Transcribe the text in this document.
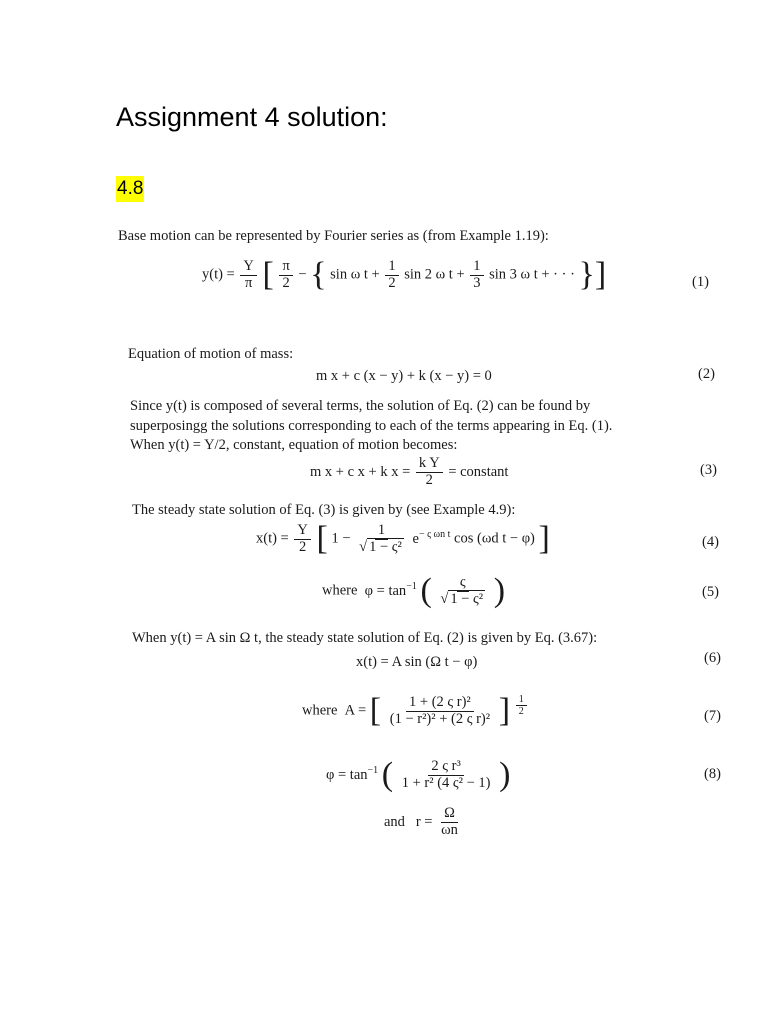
Assignment 4 solution:
4.8
Base motion can be represented by Fourier series as (from Example 1.19):
$y(t) = \frac{Y}{\pi}$ [ $\frac{\pi}{2}$ − { sin ω $t + \frac{1}{2}$ sin 2 ω $t + \frac{1}{3}$ sin 3 ω t + · · · }]	(1)
Equation of motion of mass:
m x + c (x − y) + k (x − y) = 0	(2)
Since y(t) is composed of several terms, the solution of Eq. (2) can be found by
superposingg the solutions corresponding to each of the terms appearing in Eq. (1).
When y(t) = Y/2, constant, equation of motion becomes:
m x + c x + k $x = \frac{\text{k Y}}{2}$ = constant	(3)
The steady state solution of Eq. (3) is given by (see Example 4.9):
$x(t) = \frac{Y}{2}$ [ $1 - \frac{1}{\text{√ 1 − ς²}} e^{- \varsigma \omega n t}$ cos (ωd t − φ) ]	(4)
where $\varphi = \tan^{-1}$ ( $\frac{\varsigma}{\text{√ 1 − ς²}}$ )	(5)
When y(t) = A sin Ω t, the steady state solution of Eq. (2) is given by Eq. (3.67):
x(t) = A sin (Ω t − φ)	(6)
where A = [ $\frac{\text{1 + (2 ς r)²}}{\text{(1 − r²)² + (2 ς r)²}}$ ] $\frac{1}{2}$	(7)
$\varphi = \tan^{-1}$ ( $\frac{\text{2 ς r³}}{\text{1 + r² (4 ς² − 1)}}$ )	(8)
and $r = \frac{\Omega}{\omega n}$
